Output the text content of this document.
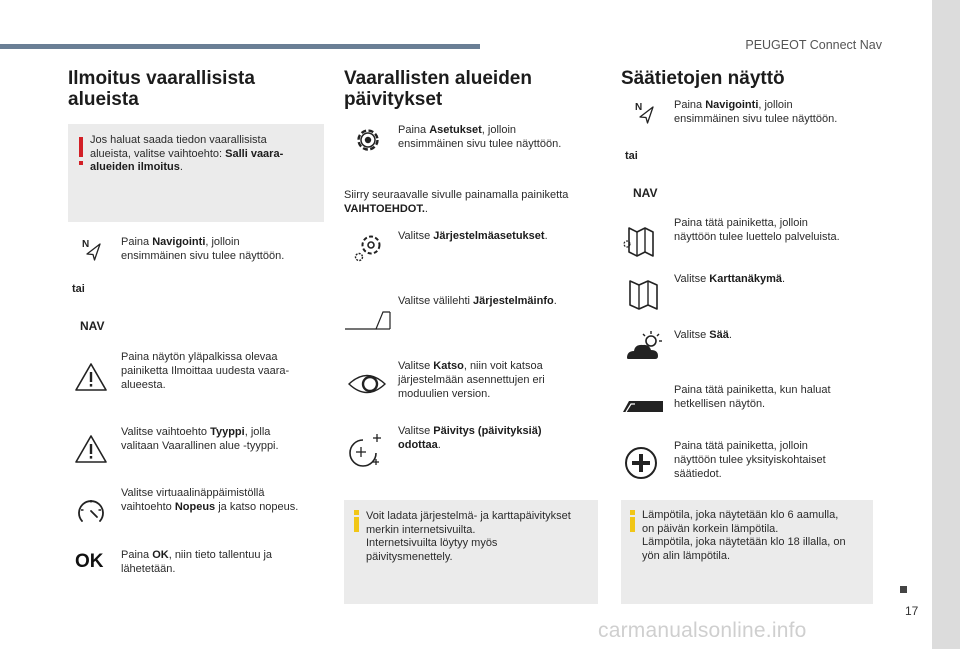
PEUGEOT Connect Nav
17
carmanualsonline.info
Ilmoitus vaarallisista
alueista
Jos haluat saada tiedon vaarallisista
alueista, valitse vaihtoehto: Salli vaara-
alueiden ilmoitus.
N	Paina Navigointi, jolloin
ensimmäinen sivu tulee näyttöön.
tai
NAV
Paina näytön yläpalkissa olevaa
painiketta Ilmoittaa uudesta vaara-
alueesta.
Valitse vaihtoehto Tyyppi, jolla
valitaan Vaarallinen alue -tyyppi.
Valitse virtuaalinäppäimistöllä
vaihtoehto Nopeus ja katso nopeus.
OK Paina OK, niin tieto tallentuu ja
lähetetään.
Vaarallisten alueiden
päivitykset
Paina Asetukset, jolloin
ensimmäinen sivu tulee näyttöön.
Siirry seuraavalle sivulle painamalla painiketta
VAIHTOEHDOT..
Valitse Järjestelmäasetukset.
Valitse välilehti Järjestelmäinfo.
Valitse Katso, niin voit katsoa
järjestelmään asennettujen eri
moduulien version.
Valitse Päivitys (päivityksiä)
odottaa.
Voit ladata järjestelmä- ja karttapäivitykset
merkin internetsivuilta.
Internetsivuilta löytyy myös
päivitysmenettely.
Säätietojen näyttö
N	Paina Navigointi, jolloin
ensimmäinen sivu tulee näyttöön.
tai
NAV
Paina tätä painiketta, jolloin
näyttöön tulee luettelo palveluista.
Valitse Karttanäkymä.
Valitse Sää.
Paina tätä painiketta, kun haluat
hetkellisen näytön.
Paina tätä painiketta, jolloin
näyttöön tulee yksityiskohtaiset
säätiedot.
Lämpötila, joka näytetään klo 6 aamulla,
on päivän korkein lämpötila.
Lämpötila, joka näytetään klo 18 illalla, on
yön alin lämpötila.
